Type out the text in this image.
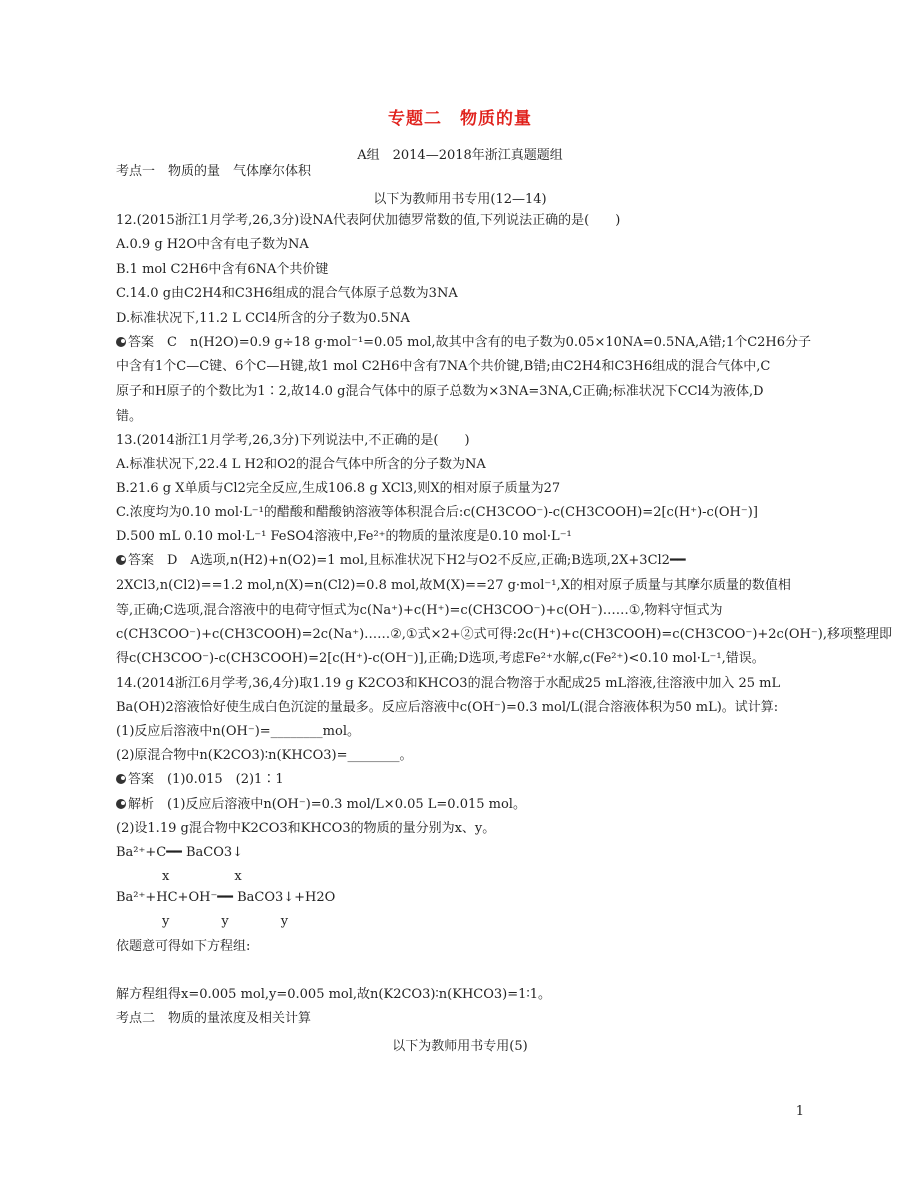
专题二　物质的量
A组　2014—2018年浙江真题题组
考点一　物质的量　气体摩尔体积
以下为教师用书专用(12—14)
12.(2015浙江1月学考,26,3分)设NA代表阿伏加德罗常数的值,下列说法正确的是(　　)
A.0.9 g H2O中含有电子数为NA
B.1 mol C2H6中含有6NA个共价键
C.14.0 g由C2H4和C3H6组成的混合气体原子总数为3NA
D.标准状况下,11.2 L CCl4所含的分子数为0.5NA
答案　C　n(H2O)=0.9 g÷18 g·mol⁻¹=0.05 mol,故其中含有的电子数为0.05×10NA=0.5NA,A错;1个C2H6分子
中含有1个C—C键、6个C—H键,故1 mol C2H6中含有7NA个共价键,B错;由C2H4和C3H6组成的混合气体中,C
原子和H原子的个数比为1∶2,故14.0 g混合气体中的原子总数为×3NA=3NA,C正确;标准状况下CCl4为液体,D
错。
13.(2014浙江1月学考,26,3分)下列说法中,不正确的是(　　)
A.标准状况下,22.4 L H2和O2的混合气体中所含的分子数为NA
B.21.6 g X单质与Cl2完全反应,生成106.8 g XCl3,则X的相对原子质量为27
C.浓度均为0.10 mol·L⁻¹的醋酸和醋酸钠溶液等体积混合后:c(CH3COO⁻)-c(CH3COOH)=2[c(H⁺)-c(OH⁻)]
D.500 mL 0.10 mol·L⁻¹ FeSO4溶液中,Fe²⁺的物质的量浓度是0.10 mol·L⁻¹
答案　D　A选项,n(H2)+n(O2)=1 mol,且标准状况下H2与O2不反应,正确;B选项,2X+3Cl2━━
2XCl3,n(Cl2)==1.2 mol,n(X)=n(Cl2)=0.8 mol,故M(X)==27 g·mol⁻¹,X的相对原子质量与其摩尔质量的数值相
等,正确;C选项,混合溶液中的电荷守恒式为c(Na⁺)+c(H⁺)=c(CH3COO⁻)+c(OH⁻)……①,物料守恒式为
c(CH3COO⁻)+c(CH3COOH)=2c(Na⁺)……②,①式×2+②式可得:2c(H⁺)+c(CH3COOH)=c(CH3COO⁻)+2c(OH⁻),移项整理即
得c(CH3COO⁻)-c(CH3COOH)=2[c(H⁺)-c(OH⁻)],正确;D选项,考虑Fe²⁺水解,c(Fe²⁺)<0.10 mol·L⁻¹,错误。
14.(2014浙江6月学考,36,4分)取1.19 g K2CO3和KHCO3的混合物溶于水配成25 mL溶液,往溶液中加入 25 mL
Ba(OH)2溶液恰好使生成白色沉淀的量最多。反应后溶液中c(OH⁻)=0.3 mol/L(混合溶液体积为50 mL)。试计算:
(1)反应后溶液中n(OH⁻)=________mol。
(2)原混合物中n(K2CO3)∶n(KHCO3)=________。
答案　(1)0.015　(2)1∶1
解析　(1)反应后溶液中n(OH⁻)=0.3 mol/L×0.05 L=0.015 mol。
(2)设1.19 g混合物中K2CO3和KHCO3的物质的量分别为x、y。
Ba²⁺+C━━ BaCO3↓
x　　　　　x
Ba²⁺+HC+OH⁻━━ BaCO3↓+H2O
y　　　　y　　　　y
依题意可得如下方程组:
解方程组得x=0.005 mol,y=0.005 mol,故n(K2CO3)∶n(KHCO3)=1∶1。
考点二　物质的量浓度及相关计算
以下为教师用书专用(5)
1
